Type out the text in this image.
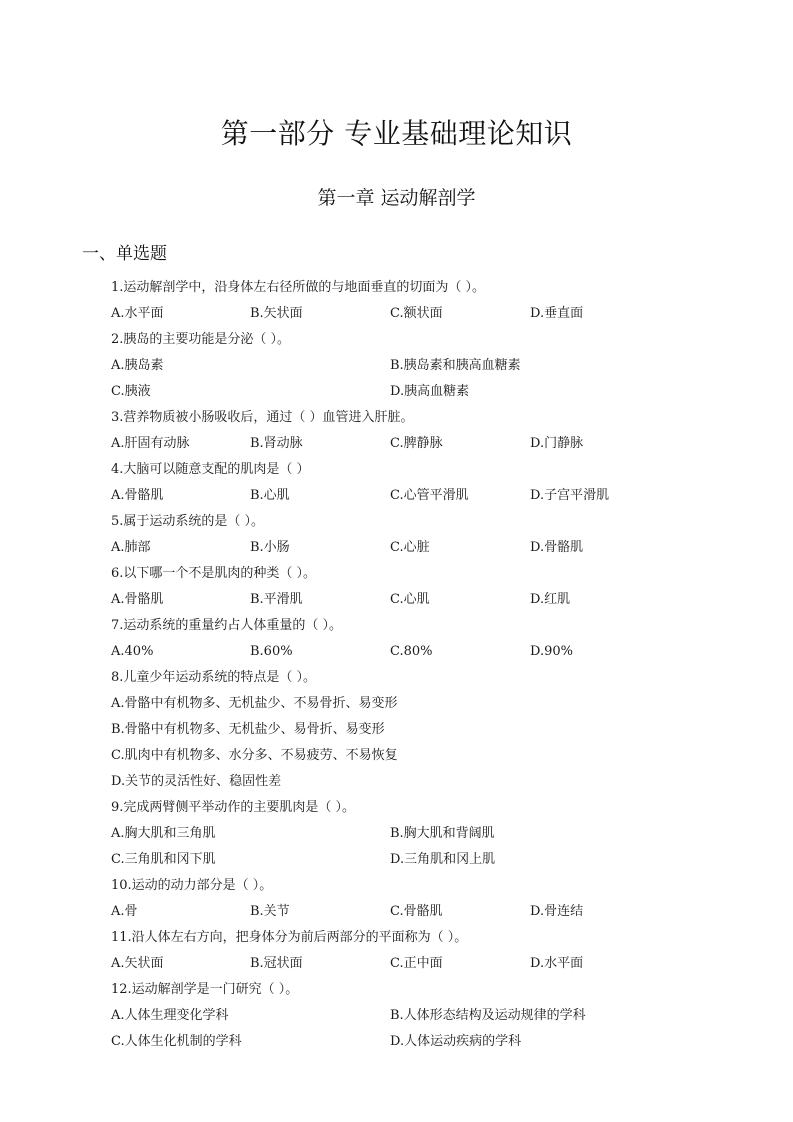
第一部分 专业基础理论知识
第一章 运动解剖学
一、单选题
1.运动解剖学中，沿身体左右径所做的与地面垂直的切面为（ ）。
A.水平面	B.矢状面	C.额状面	D.垂直面
2.胰岛的主要功能是分泌（ ）。
A.胰岛素	B.胰岛素和胰高血糖素
C.胰液	D.胰高血糖素
3.营养物质被小肠吸收后，通过（ ）血管进入肝脏。
A.肝固有动脉	B.肾动脉	C.脾静脉	D.门静脉
4.大脑可以随意支配的肌肉是（ ）
A.骨骼肌	B.心肌	C.心管平滑肌	D.子宫平滑肌
5.属于运动系统的是（ ）。
A.肺部	B.小肠	C.心脏	D.骨骼肌
6.以下哪一个不是肌肉的种类（ ）。
A.骨骼肌	B.平滑肌	C.心肌	D.红肌
7.运动系统的重量约占人体重量的（ ）。
A.40%	B.60%	C.80%	D.90%
8.儿童少年运动系统的特点是（ ）。
A.骨骼中有机物多、无机盐少、不易骨折、易变形
B.骨骼中有机物多、无机盐少、易骨折、易变形
C.肌肉中有机物多、水分多、不易疲劳、不易恢复
D.关节的灵活性好、稳固性差
9.完成两臂侧平举动作的主要肌肉是（ ）。
A.胸大肌和三角肌	B.胸大肌和背阔肌
C.三角肌和冈下肌	D.三角肌和冈上肌
10.运动的动力部分是（ ）。
A.骨	B.关节	C.骨骼肌	D.骨连结
11.沿人体左右方向，把身体分为前后两部分的平面称为（ ）。
A.矢状面	B.冠状面	C.正中面	D.水平面
12.运动解剖学是一门研究（ ）。
A.人体生理变化学科	B.人体形态结构及运动规律的学科
C.人体生化机制的学科	D.人体运动疾病的学科
